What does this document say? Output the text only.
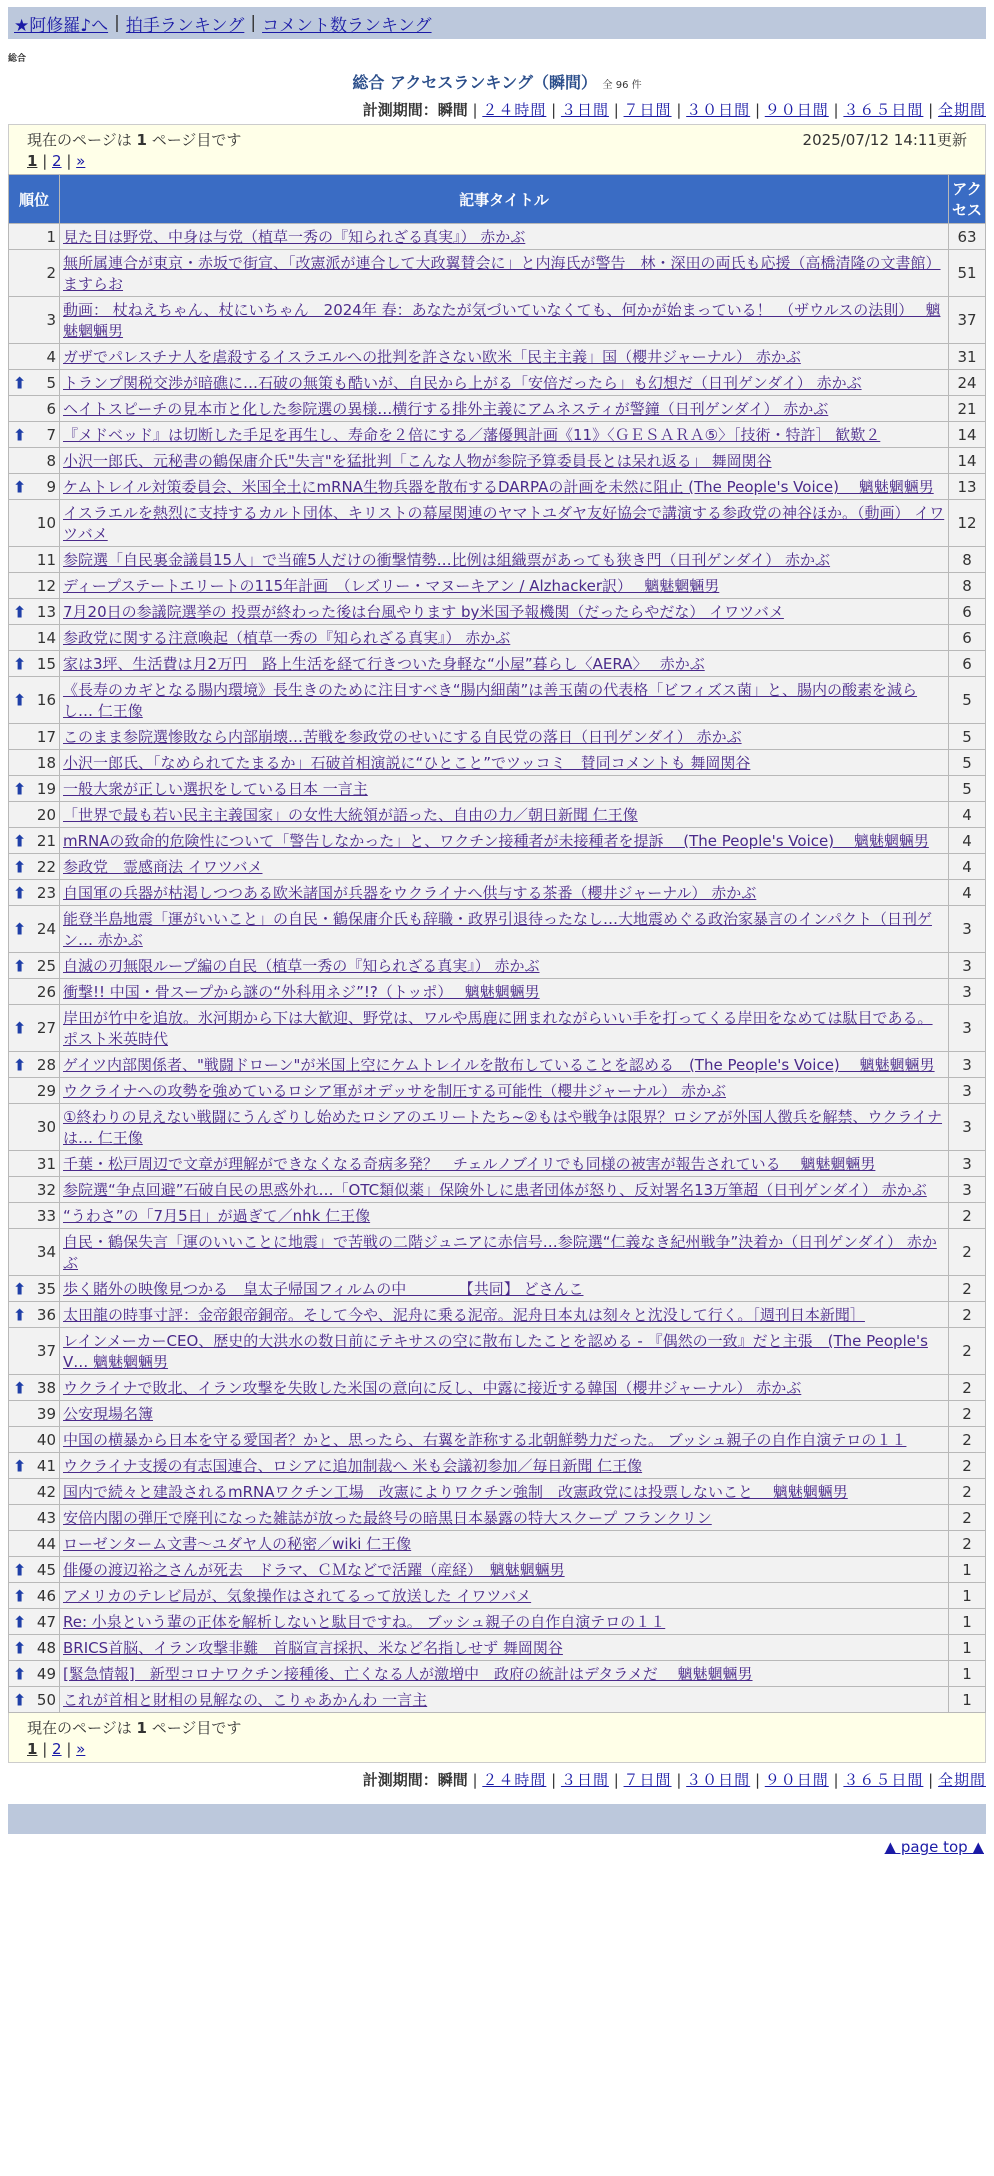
★阿修羅♪へ | 拍手ランキング | コメント数ランキング
総合
総合 アクセスランキング（瞬間） 全 96 件
計測期間：瞬間 | ２４時間 | ３日間 | ７日間 | ３０日間 | ９０日間 | ３６５日間 | 全期間
現在のページは 1 ページ目です	2025/07/12 14:11更新
1 | 2 | »
順位	記事タイトル	アクセス
1	見た目は野党、中身は与党（植草一秀の『知られざる真実』） 赤かぶ	63
2	無所属連合が東京・赤坂で街宣、「改憲派が連合して大政翼賛会に」と内海氏が警告　林・深田の両氏も応援（高橋清隆の文書館） ますらお	51
3	動画： 杖ねえちゃん、杖にいちゃん　2024年 春：あなたが気づいていなくても、何かが始まっている！　（ザウルスの法則）　 魑魅魍魎男	37
4	ガザでパレスチナ人を虐殺するイスラエルへの批判を許さない欧米「民主主義」国（櫻井ジャーナル） 赤かぶ	31

⬆ 5	トランプ関税交渉が暗礁に…石破の無策も酷いが、自民から上がる「安倍だったら」も幻想だ（日刊ゲンダイ） 赤かぶ	24
6	ヘイトスピーチの見本市と化した参院選の異様…横行する排外主義にアムネスティが警鐘（日刊ゲンダイ） 赤かぶ	21

⬆ 7	『メドベッド』は切断した手足を再生し、寿命を２倍にする／藩優興計画《11》〈ＧＥＳＡＲＡ⑤〉［技術・特許］ 歓歎２	14
8	小沢一郎氏、元秘書の鶴保庸介氏"失言"を猛批判「こんな人物が参院予算委員長とは呆れ返る」 舞岡関谷	14

⬆ 9	ケムトレイル対策委員会、米国全土にmRNA生物兵器を散布するDARPAの計画を未然に阻止 (The People's Voice)　 魑魅魍魎男	13
10	イスラエルを熱烈に支持するカルト団体、キリストの幕屋関連のヤマトユダヤ友好協会で講演する参政党の神谷ほか。（動画） イワツバメ	12
11	参院選「自民裏金議員15人」で当確5人だけの衝撃情勢…比例は組織票があっても狭き門（日刊ゲンダイ） 赤かぶ	8
12	ディープステートエリートの115年計画　（レズリー・マヌーキアン / Alzhacker訳）　 魑魅魍魎男	8

⬆ 13	7月20日の参議院選挙の 投票が終わった後は台風やります by米国予報機関（だったらやだな） イワツバメ	6
14	参政党に関する注意喚起（植草一秀の『知られざる真実』） 赤かぶ	6

⬆ 15	家は3坪、生活費は月2万円　路上生活を経て行きついた身軽な“小屋”暮らし〈AERA〉　 赤かぶ	6

⬆ 16	《長寿のカギとなる腸内環境》長生きのために注目すべき“腸内細菌”は善玉菌の代表格「ビフィズス菌」と、腸内の酸素を減らし… 仁王像	5
17	このまま参院選惨敗なら内部崩壊…苦戦を参政党のせいにする自民党の落日（日刊ゲンダイ） 赤かぶ	5
18	小沢一郎氏、「なめられてたまるか」石破首相演説に“ひとこと”でツッコミ　賛同コメントも 舞岡関谷	5

⬆ 19	一般大衆が正しい選択をしている日本 一言主	5
20	「世界で最も若い民主主義国家」の女性大統領が語った、自由の力／朝日新聞 仁王像	4

⬆ 21	mRNAの致命的危険性について「警告しなかった」と、ワクチン接種者が未接種者を提訴　 (The People's Voice)　 魑魅魍魎男	4

⬆ 22	参政党　霊感商法 イワツバメ	4

⬆ 23	自国軍の兵器が枯渇しつつある欧米諸国が兵器をウクライナへ供与する茶番（櫻井ジャーナル） 赤かぶ	4

⬆ 24	能登半島地震「運がいいこと」の自民・鶴保庸介氏も辞職・政界引退待ったなし…大地震めぐる政治家暴言のインパクト（日刊ゲン… 赤かぶ	3

⬆ 25	自滅の刃無限ループ編の自民（植草一秀の『知られざる真実』） 赤かぶ	3
26	衝撃!! 中国・骨スープから謎の“外科用ネジ”!?（トッポ）　 魑魅魍魎男	3

⬆ 27	岸田が竹中を追放。氷河期から下は大歓迎、野党は、ワルや馬鹿に囲まれながらいい手を打ってくる岸田をなめては駄目である。 ポスト米英時代	3

⬆ 28	ゲイツ内部関係者、"戦闘ドローン"が米国上空にケムトレイルを散布していることを認める　(The People's Voice)　 魑魅魍魎男	3
29	ウクライナへの攻勢を強めているロシア軍がオデッサを制圧する可能性（櫻井ジャーナル） 赤かぶ	3
30	①終わりの見えない戦闘にうんざりし始めたロシアのエリートたち~②もはや戦争は限界？ロシアが外国人徴兵を解禁、ウクライナは… 仁王像	3
31	千葉・松戸周辺で文章が理解ができなくなる奇病多発？　チェルノブイリでも同様の被害が報告されている　 魑魅魍魎男	3
32	参院選“争点回避”石破自民の思惑外れ…「OTC類似薬」保険外しに患者団体が怒り、反対署名13万筆超（日刊ゲンダイ） 赤かぶ	3
33	“うわさ”の「7月5日」が過ぎて／nhk 仁王像	2
34	自民・鶴保失言「運のいいことに地震」で苦戦の二階ジュニアに赤信号…参院選“仁義なき紀州戦争”決着か（日刊ゲンダイ） 赤かぶ	2

⬆ 35	歩く賭外の映像見つかる　皇太子帰国フィルムの中　　　　【共同】 どさんこ	2

⬆ 36	太田龍の時事寸評：金帝銀帝銅帝。そして今や、泥舟に乗る泥帝。泥舟日本丸は刻々と沈没して行く。［週刊日本新聞］	2
37	レインメーカーCEO、歴史的大洪水の数日前にテキサスの空に散布したことを認める - 『偶然の一致』だと主張　(The People's V… 魑魅魍魎男	2

⬆ 38	ウクライナで敗北、イラン攻撃を失敗した米国の意向に反し、中露に接近する韓国（櫻井ジャーナル） 赤かぶ	2
39	公安現場名簿	2
40	中国の横暴から日本を守る愛国者？かと、思ったら、右翼を詐称する北朝鮮勢力だった。 ブッシュ親子の自作自演テロの１１	2

⬆ 41	ウクライナ支援の有志国連合、ロシアに追加制裁へ 米も会議初参加／毎日新聞 仁王像	2
42	国内で続々と建設されるmRNAワクチン工場　改憲によりワクチン強制　改憲政党には投票しないこと　 魑魅魍魎男	2
43	安倍内閣の弾圧で廃刊になった雑誌が放った最終号の暗黒日本暴露の特大スクープ フランクリン	2
44	ローゼンターム文書～ユダヤ人の秘密／wiki 仁王像	2

⬆ 45	俳優の渡辺裕之さんが死去　ドラマ、ＣＭなどで活躍（産経）　魑魅魍魎男	1

⬆ 46	アメリカのテレビ局が、気象操作はされてるって放送した イワツバメ	1

⬆ 47	Re: 小泉という輩の正体を解析しないと駄目ですね。 ブッシュ親子の自作自演テロの１１	1

⬆ 48	BRICS首脳、イラン攻撃非難　首脳宣言採択、米など名指しせず 舞岡関谷	1

⬆ 49	[緊急情報]　新型コロナワクチン接種後、亡くなる人が激増中　政府の統計はデタラメだ　 魑魅魍魎男	1

⬆ 50	これが首相と財相の見解なの、こりゃあかんわ 一言主	1
現在のページは 1 ページ目です
1 | 2 | »
計測期間：瞬間 | ２４時間 | ３日間 | ７日間 | ３０日間 | ９０日間 | ３６５日間 | 全期間
▲ page top ▲
